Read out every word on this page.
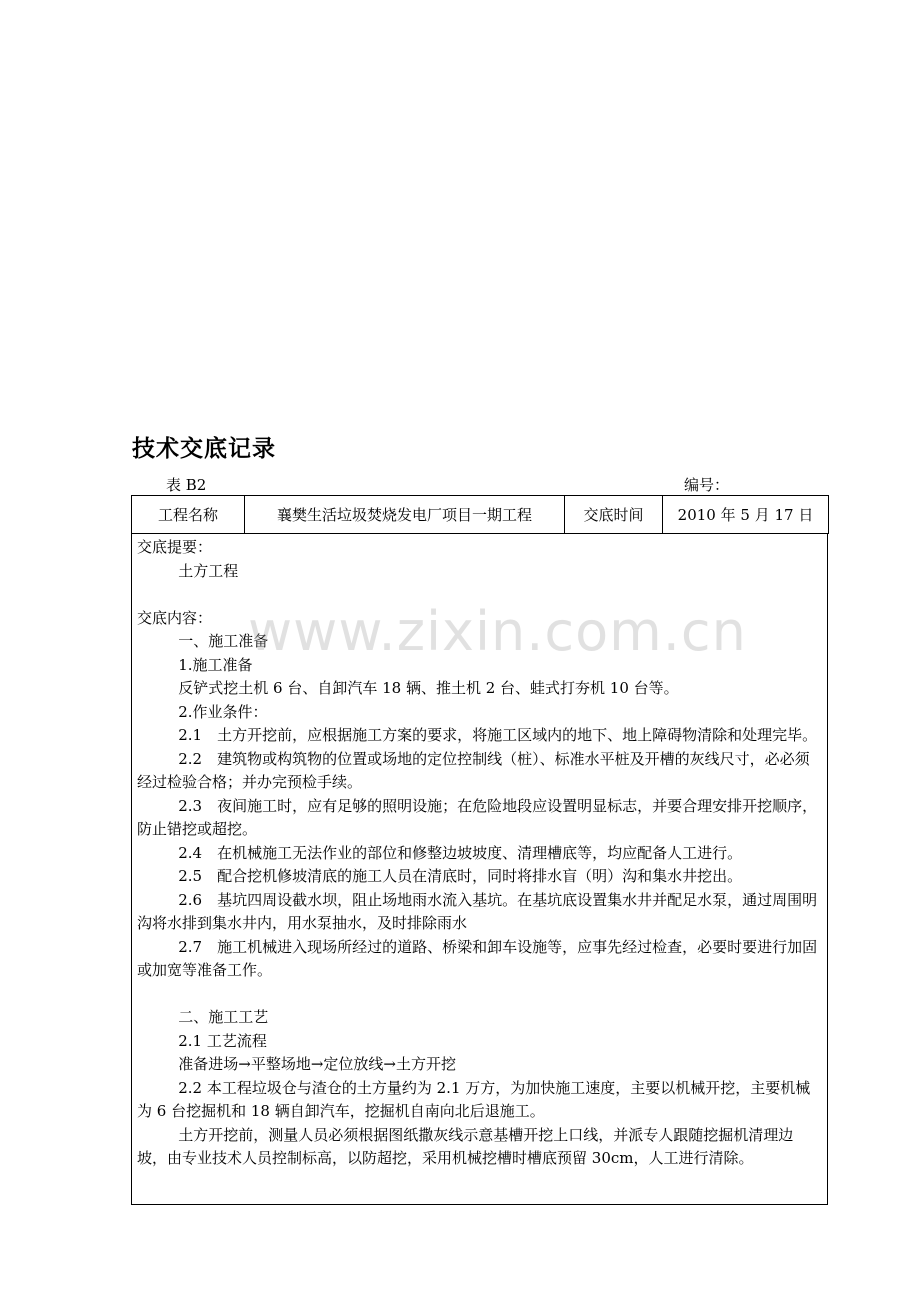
技术交底记录
表 B2	编号：
工程名称	襄樊生活垃圾焚烧发电厂项目一期工程	交底时间	2010 年 5 月 17 日

交底提要：

土方工程

交底内容：

一、施工准备

1.施工准备

反铲式挖土机 6 台、自卸汽车 18 辆、推土机 2 台、蛙式打夯机 10 台等。

2.作业条件：

2.1　土方开挖前，应根据施工方案的要求，将施工区域内的地下、地上障碍物清除和处理完毕。

2.2　建筑物或构筑物的位置或场地的定位控制线（桩）、标准水平桩及开槽的灰线尺寸，必必须经过检验合格；并办完预检手续。

2.3　夜间施工时，应有足够的照明设施；在危险地段应设置明显标志，并要合理安排开挖顺序，防止错挖或超挖。

2.4　在机械施工无法作业的部位和修整边坡坡度、清理槽底等，均应配备人工进行。

2.5　配合挖机修坡清底的施工人员在清底时，同时将排水盲（明）沟和集水井挖出。

2.6　基坑四周设截水坝，阻止场地雨水流入基坑。在基坑底设置集水井并配足水泵，通过周围明沟将水排到集水井内，用水泵抽水，及时排除雨水

2.7　施工机械进入现场所经过的道路、桥梁和卸车设施等，应事先经过检查，必要时要进行加固或加宽等准备工作。

二、施工工艺

2.1 工艺流程

准备进场→平整场地→定位放线→土方开挖

2.2 本工程垃圾仓与渣仓的土方量约为 2.1 万方，为加快施工速度，主要以机械开挖，主要机械为 6 台挖掘机和 18 辆自卸汽车，挖掘机自南向北后退施工。

土方开挖前，测量人员必须根据图纸撒灰线示意基槽开挖上口线，并派专人跟随挖掘机清理边坡，由专业技术人员控制标高，以防超挖，采用机械挖槽时槽底预留 30cm，人工进行清除。

www.zixin.com.cn
